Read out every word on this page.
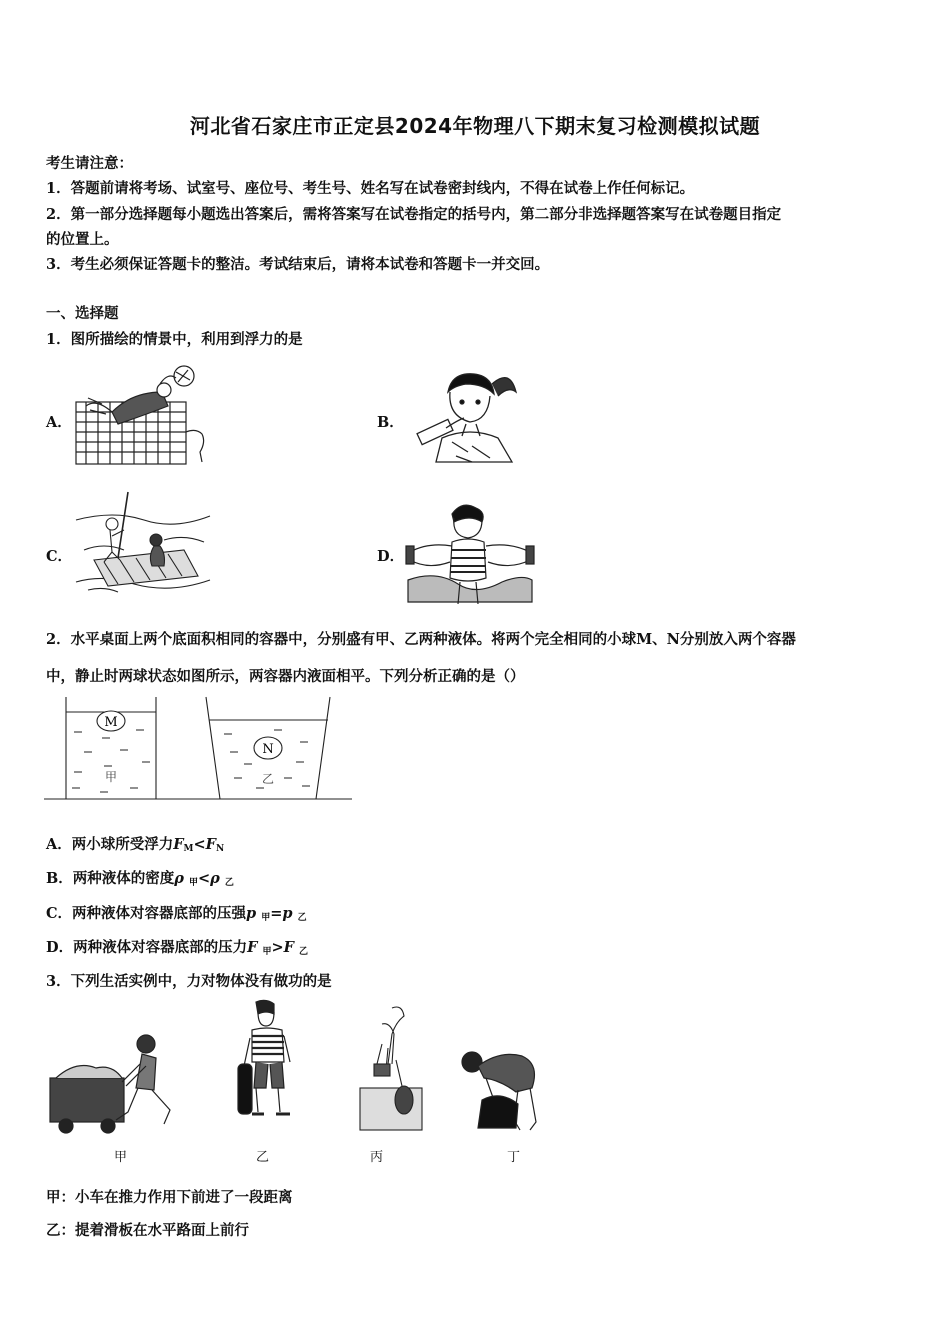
河北省石家庄市正定县2024年物理八下期末复习检测模拟试题
考生请注意：
1．答题前请将考场、试室号、座位号、考生号、姓名写在试卷密封线内，不得在试卷上作任何标记。
2．第一部分选择题每小题选出答案后，需将答案写在试卷指定的括号内，第二部分非选择题答案写在试卷题目指定
的位置上。
3．考生必须保证答题卡的整洁。考试结束后，请将本试卷和答题卡一并交回。
一、选择题
1．图所描绘的情景中，利用到浮力的是
A．	B．
C．	D．
2．水平桌面上两个底面积相同的容器中，分别盛有甲、乙两种液体。将两个完全相同的小球M、N分别放入两个容器
中，静止时两球状态如图所示，两容器内液面相平。下列分析正确的是（）
M
N
甲	乙
A．两小球所受浮力$F_M<F_N$
B．两种液体的密度ρ $_甲$<ρ $_乙$
C．两种液体对容器底部的压强p $_甲$=p $_乙$
D．两种液体对容器底部的压力F $_甲$>F $_乙$
3．下列生活实例中，力对物体没有做功的是
甲	乙	丙	丁
甲：小车在推力作用下前进了一段距离
乙：提着滑板在水平路面上前行
